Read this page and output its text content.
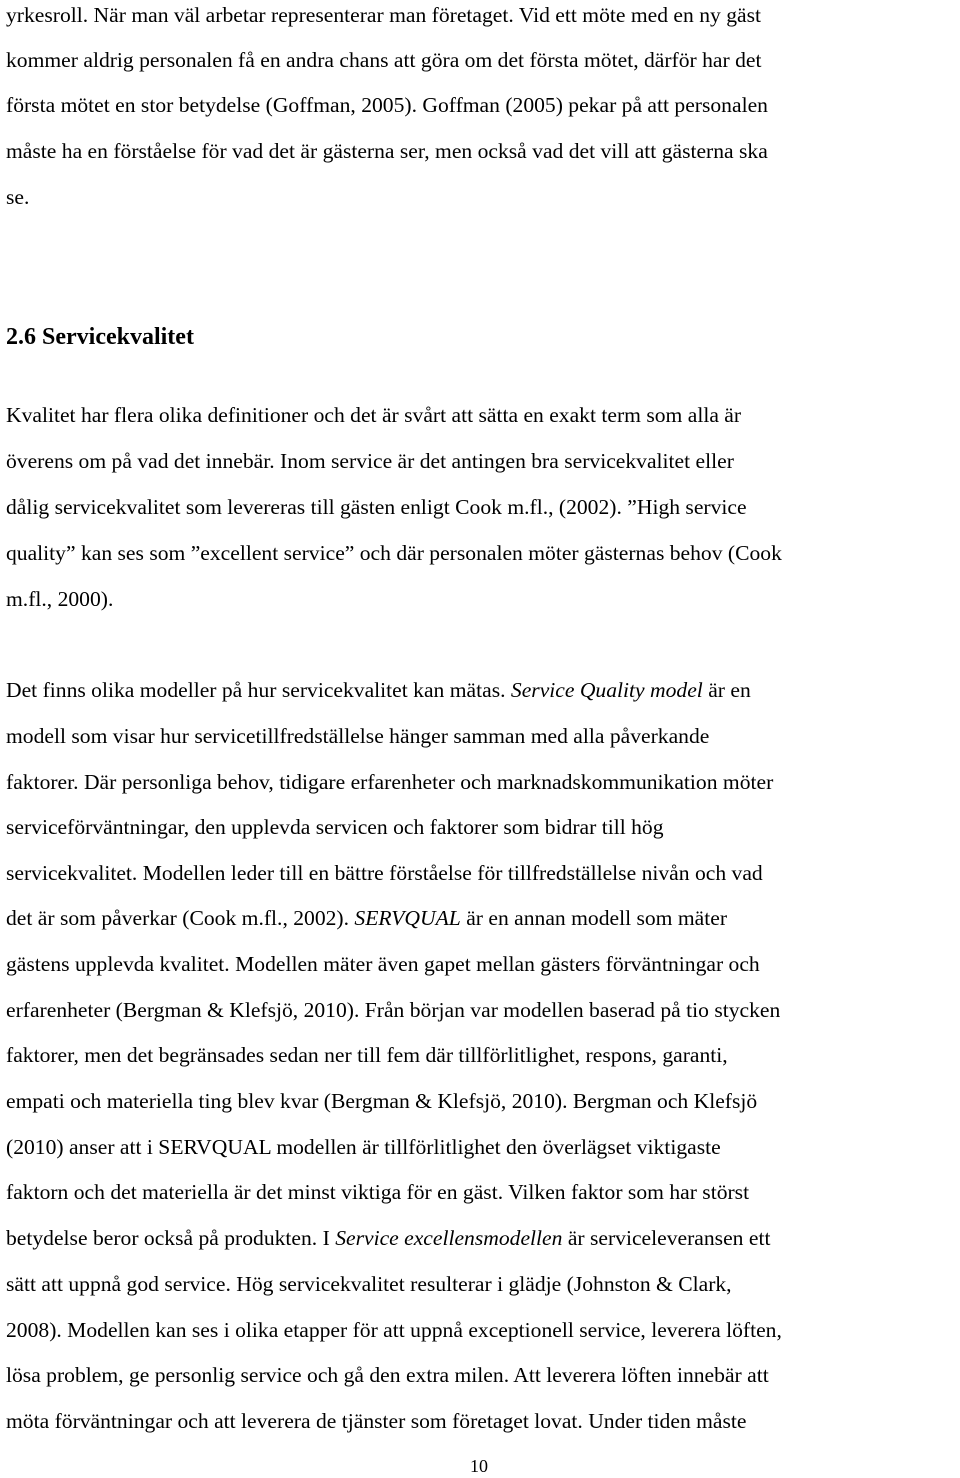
yrkesroll. När man väl arbetar representerar man företaget. Vid ett möte med en ny gäst
kommer aldrig personalen få en andra chans att göra om det första mötet, därför har det
första mötet en stor betydelse (Goffman, 2005). Goffman (2005) pekar på att personalen
måste ha en förståelse för vad det är gästerna ser, men också vad det vill att gästerna ska
se.
2.6 Servicekvalitet
Kvalitet har flera olika definitioner och det är svårt att sätta en exakt term som alla är
överens om på vad det innebär. Inom service är det antingen bra servicekvalitet eller
dålig servicekvalitet som levereras till gästen enligt Cook m.fl., (2002). ”High service
quality” kan ses som ”excellent service” och där personalen möter gästernas behov (Cook
m.fl., 2000).
Det finns olika modeller på hur servicekvalitet kan mätas. Service Quality model är en
modell som visar hur servicetillfredställelse hänger samman med alla påverkande
faktorer. Där personliga behov, tidigare erfarenheter och marknadskommunikation möter
serviceförväntningar, den upplevda servicen och faktorer som bidrar till hög
servicekvalitet. Modellen leder till en bättre förståelse för tillfredställelse nivån och vad
det är som påverkar (Cook m.fl., 2002). SERVQUAL är en annan modell som mäter
gästens upplevda kvalitet. Modellen mäter även gapet mellan gästers förväntningar och
erfarenheter (Bergman & Klefsjö, 2010). Från början var modellen baserad på tio stycken
faktorer, men det begränsades sedan ner till fem där tillförlitlighet, respons, garanti,
empati och materiella ting blev kvar (Bergman & Klefsjö, 2010). Bergman och Klefsjö
(2010) anser att i SERVQUAL modellen är tillförlitlighet den överlägset viktigaste
faktorn och det materiella är det minst viktiga för en gäst. Vilken faktor som har störst
betydelse beror också på produkten. I Service excellensmodellen är serviceleveransen ett
sätt att uppnå god service. Hög servicekvalitet resulterar i glädje (Johnston & Clark,
2008). Modellen kan ses i olika etapper för att uppnå exceptionell service, leverera löften,
lösa problem, ge personlig service och gå den extra milen. Att leverera löften innebär att
möta förväntningar och att leverera de tjänster som företaget lovat. Under tiden måste
10
